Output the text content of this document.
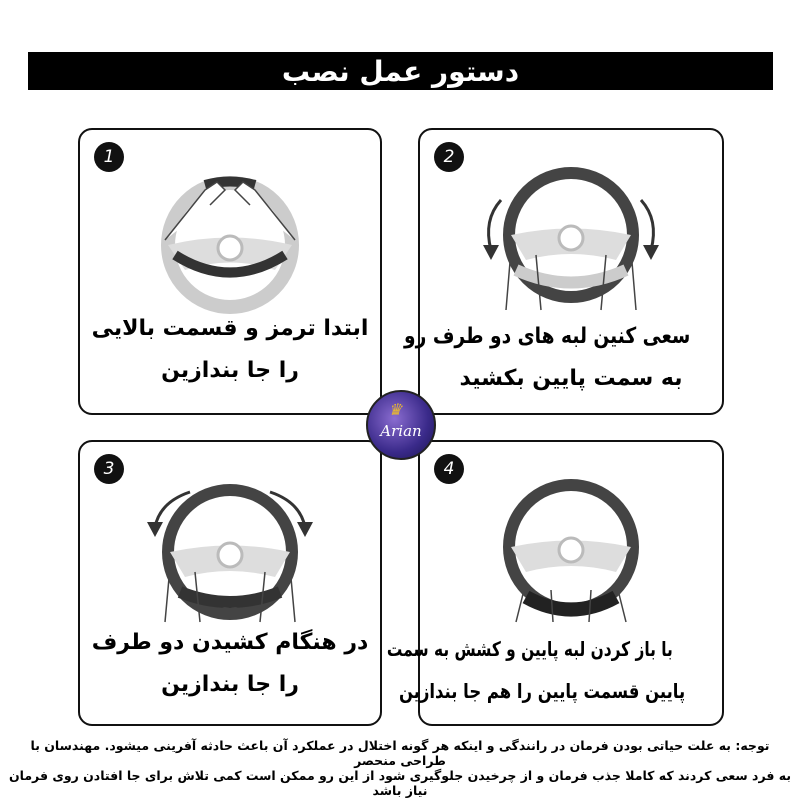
دستور عمل نصب
1
ابتدا ترمز و قسمت بالایی
را جا بندازین
2
سعی کنین لبه های دو طرف رو
به سمت پایین بکشید
3
در هنگام کشیدن دو طرف
را جا بندازین
4
با باز کردن لبه پایین و کشش به سمت
پایین قسمت پایین را هم جا بندازین
♛
Arian
توجه: به علت حیاتی بودن فرمان در رانندگی و اینکه هر گونه اختلال در عملکرد آن باعث حادثه آفرینی میشود. مهندسان با طراحی منحصر
به فرد سعی کردند که کاملا جذب فرمان و از چرخیدن جلوگیری شود از این رو ممکن است کمی تلاش برای جا افتادن روی فرمان نیاز باشد
